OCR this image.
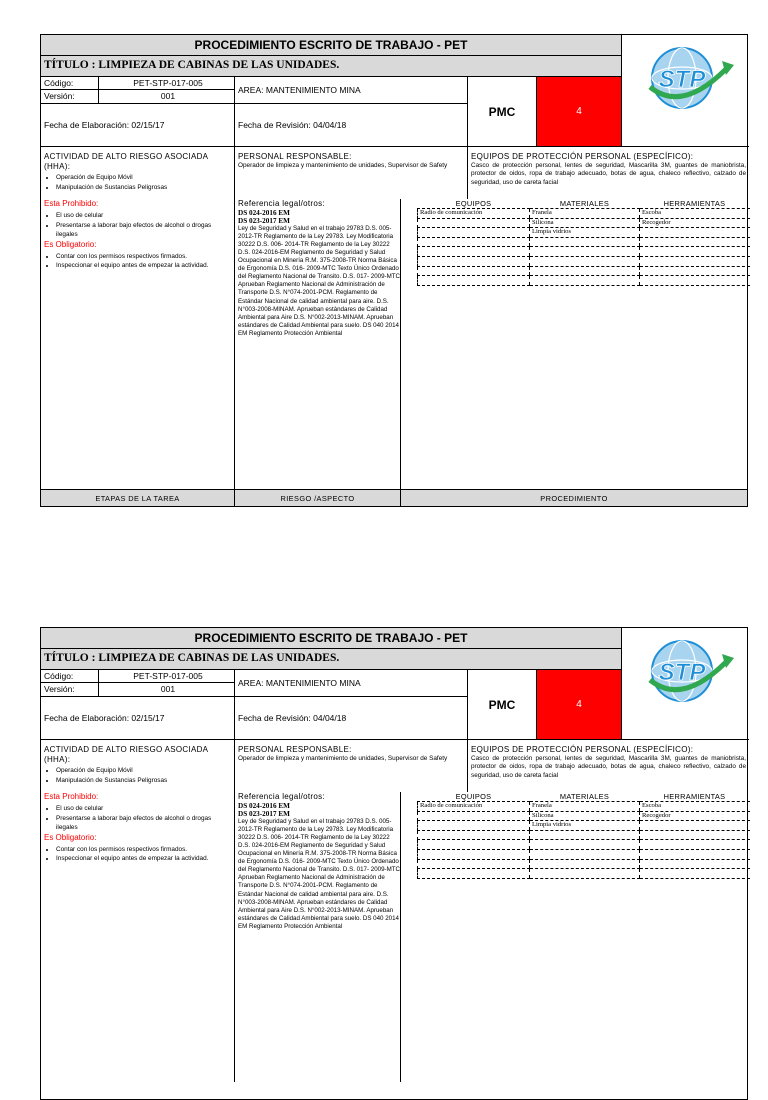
PROCEDIMIENTO ESCRITO DE TRABAJO - PET
TÍTULO : LIMPIEZA DE CABINAS DE LAS UNIDADES.
STP
Código:	PET-STP-017-005
Versión:	001
AREA: MANTENIMIENTO MINA
Fecha de Elaboración: 02/15/17	Fecha de Revisión: 04/04/18
PMC	4
ACTIVIDAD DE ALTO RIESGO ASOCIADA (HHA):
• Operación de Equipo Móvil
• Manipulación de Sustancias Peligrosas
PERSONAL RESPONSABLE:
Operador de limpieza y mantenimiento de unidades, Supervisor de Safety
EQUIPOS DE PROTECCIÓN PERSONAL (ESPECÍFICO):
Casco de protección personal, lentes de seguridad, Mascarilla 3M, guantes de maniobrista, protector de oidos, ropa de trabajo adecuado, botas de agua, chaleco reflectivo, calzado de seguridad, uso de careta facial
Esta Prohibido:
• El uso de celular
• Presentarse a laborar bajo efectos de alcohol o drogas ilegales
Es Obligatorio:
• Contar con los permisos respectivos firmados.
• Inspeccionar el equipo antes de empezar la actividad.
Referencia legal/otros:
DS 024-2016 EM
DS 023-2017 EM
Ley de Seguridad y Salud en el trabajo 29783 D.S. 005- 2012-TR Reglamento de la Ley 29783. Ley Modificatoria 30222 D.S. 006- 2014-TR Reglamento de la Ley 30222 D.S. 024-2016-EM Reglamento de Seguridad y Salud Ocupacional en Minería R.M. 375-2008-TR Norma Básica de Ergonomía D.S. 016- 2009-MTC Texto Único Ordenado del Reglamento Nacional de Transito. D.S. 017- 2009-MTC Aprueban Reglamento Nacional de Administración de Transporte D.S. N°074-2001-PCM. Reglamento de Estándar Nacional de calidad ambiental para aire. D.S. N°003-2008-MINAM. Aprueban estándares de Calidad Ambiental para Aire D.S. N°002-2013-MINAM. Aprueban estándares de Calidad Ambiental para suelo. DS 040 2014 EM Reglamento Protección Ambiental
EQUIPOS	MATERIALES	HERRAMIENTAS
Radio de comunicación	Franela	Escoba
	Silicona	Recogedor
	Limpia vidrios	

ETAPAS DE LA TAREA	RIESGO /ASPECTO	PROCEDIMIENTO
PROCEDIMIENTO ESCRITO DE TRABAJO - PET
TÍTULO : LIMPIEZA DE CABINAS DE LAS UNIDADES.
STP
Código:	PET-STP-017-005
Versión:	001
AREA: MANTENIMIENTO MINA
Fecha de Elaboración: 02/15/17	Fecha de Revisión: 04/04/18
PMC	4
ACTIVIDAD DE ALTO RIESGO ASOCIADA (HHA):
• Operación de Equipo Móvil
• Manipulación de Sustancias Peligrosas
PERSONAL RESPONSABLE:
Operador de limpieza y mantenimiento de unidades, Supervisor de Safety
EQUIPOS DE PROTECCIÓN PERSONAL (ESPECÍFICO):
Casco de protección personal, lentes de seguridad, Mascarilla 3M, guantes de maniobrista, protector de oidos, ropa de trabajo adecuado, botas de agua, chaleco reflectivo, calzado de seguridad, uso de careta facial
Esta Prohibido:
• El uso de celular
• Presentarse a laborar bajo efectos de alcohol o drogas ilegales
Es Obligatorio:
• Contar con los permisos respectivos firmados.
• Inspeccionar el equipo antes de empezar la actividad.
Referencia legal/otros:
DS 024-2016 EM
DS 023-2017 EM
Ley de Seguridad y Salud en el trabajo 29783 D.S. 005- 2012-TR Reglamento de la Ley 29783. Ley Modificatoria 30222 D.S. 006- 2014-TR Reglamento de la Ley 30222 D.S. 024-2016-EM Reglamento de Seguridad y Salud Ocupacional en Minería R.M. 375-2008-TR Norma Básica de Ergonomía D.S. 016- 2009-MTC Texto Único Ordenado del Reglamento Nacional de Transito. D.S. 017- 2009-MTC Aprueban Reglamento Nacional de Administración de Transporte D.S. N°074-2001-PCM. Reglamento de Estándar Nacional de calidad ambiental para aire. D.S. N°003-2008-MINAM. Aprueban estándares de Calidad Ambiental para Aire D.S. N°002-2013-MINAM. Aprueban estándares de Calidad Ambiental para suelo. DS 040 2014 EM Reglamento Protección Ambiental
EQUIPOS	MATERIALES	HERRAMIENTAS
Radio de comunicación	Franela	Escoba
	Silicona	Recogedor
	Limpia vidrios	
